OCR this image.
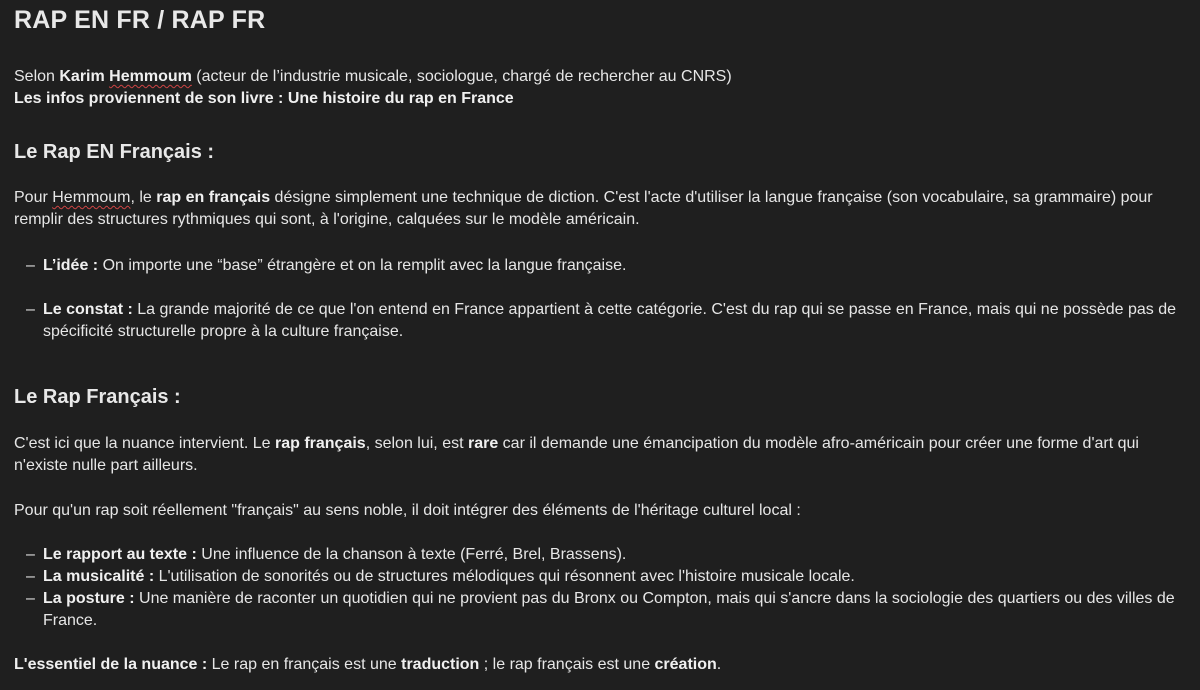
RAP EN FR / RAP FR

Selon Karim Hemmoum (acteur de l’industrie musicale, sociologue, chargé de rechercher au CNRS)

Les infos proviennent de son livre : Une histoire du rap en France

Le Rap EN Français :

Pour Hemmoum, le rap en français désigne simplement une technique de diction. C'est l'acte d'utiliser la langue française (son vocabulaire, sa grammaire) pour remplir des structures rythmiques qui sont, à l'origine, calquées sur le modèle américain.

– L’idée : On importe une “base” étrangère et on la remplit avec la langue française.
– Le constat : La grande majorité de ce que l'on entend en France appartient à cette catégorie. C'est du rap qui se passe en France, mais qui ne possède pas de spécificité structurelle propre à la culture française.
Le Rap Français :

C'est ici que la nuance intervient. Le rap français, selon lui, est rare car il demande une émancipation du modèle afro-américain pour créer une forme d'art qui n'existe nulle part ailleurs.

Pour qu'un rap soit réellement "français" au sens noble, il doit intégrer des éléments de l'héritage culturel local :

– Le rapport au texte : Une influence de la chanson à texte (Ferré, Brel, Brassens).
– La musicalité : L'utilisation de sonorités ou de structures mélodiques qui résonnent avec l'histoire musicale locale.
– La posture : Une manière de raconter un quotidien qui ne provient pas du Bronx ou Compton, mais qui s'ancre dans la sociologie des quartiers ou des villes de France.

L'essentiel de la nuance : Le rap en français est une traduction ; le rap français est une création.
